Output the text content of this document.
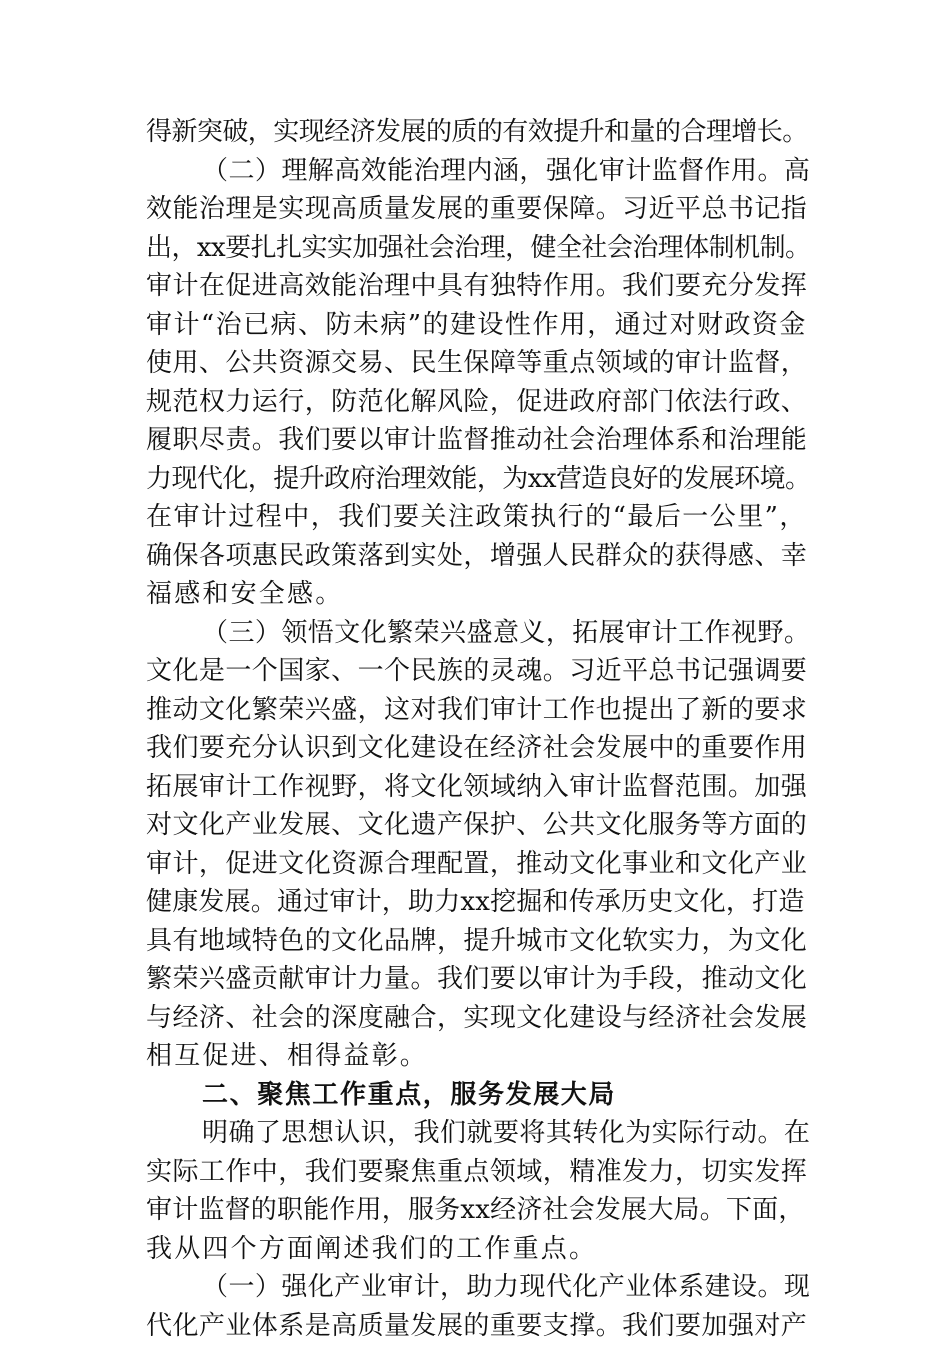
得新突破，实现经济发展的质的有效提升和量的合理增长。
（二）理解高效能治理内涵，强化审计监督作用。高
效能治理是实现高质量发展的重要保障。习近平总书记指
出，xx要扎扎实实加强社会治理，健全社会治理体制机制。
审计在促进高效能治理中具有独特作用。我们要充分发挥
审计“治已病、防未病”的建设性作用，通过对财政资金
使用、公共资源交易、民生保障等重点领域的审计监督，
规范权力运行，防范化解风险，促进政府部门依法行政、
履职尽责。我们要以审计监督推动社会治理体系和治理能
力现代化，提升政府治理效能，为xx营造良好的发展环境。
在审计过程中，我们要关注政策执行的“最后一公里”，
确保各项惠民政策落到实处，增强人民群众的获得感、幸
福感和安全感。
（三）领悟文化繁荣兴盛意义，拓展审计工作视野。
文化是一个国家、一个民族的灵魂。习近平总书记强调要
推动文化繁荣兴盛，这对我们审计工作也提出了新的要求
我们要充分认识到文化建设在经济社会发展中的重要作用
拓展审计工作视野，将文化领域纳入审计监督范围。加强
对文化产业发展、文化遗产保护、公共文化服务等方面的
审计，促进文化资源合理配置，推动文化事业和文化产业
健康发展。通过审计，助力xx挖掘和传承历史文化，打造
具有地域特色的文化品牌，提升城市文化软实力，为文化
繁荣兴盛贡献审计力量。我们要以审计为手段，推动文化
与经济、社会的深度融合，实现文化建设与经济社会发展
相互促进、相得益彰。
二、聚焦工作重点，服务发展大局
明确了思想认识，我们就要将其转化为实际行动。在
实际工作中，我们要聚焦重点领域，精准发力，切实发挥
审计监督的职能作用，服务xx经济社会发展大局。下面，
我从四个方面阐述我们的工作重点。
（一）强化产业审计，助力现代化产业体系建设。现
代化产业体系是高质量发展的重要支撑。我们要加强对产
